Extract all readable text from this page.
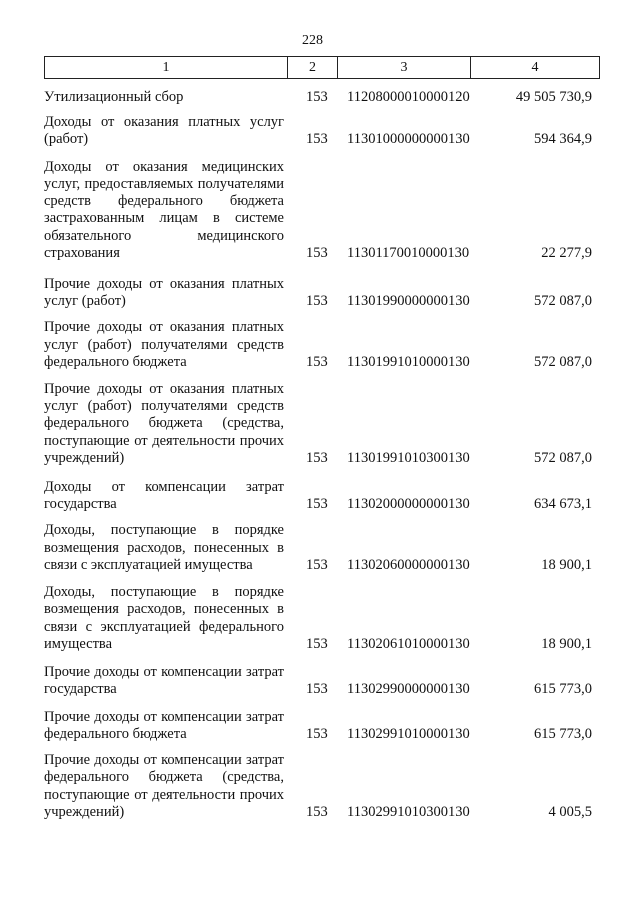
228
1	2	3	4
Утилизационный сбор	153 11208000010000120	49 505 730,9
Доходы от оказания платных услуг (работ)	153 11301000000000130	594 364,9
Доходы от оказания медицинских услуг, предоставляемых получателями средств федерального бюджета застрахованным лицам в системе обязательного медицинского страхования	153 11301170010000130	22 277,9
Прочие доходы от оказания платных услуг (работ)	153 11301990000000130	572 087,0
Прочие доходы от оказания платных услуг (работ) получателями средств федерального бюджета	153 11301991010000130	572 087,0
Прочие доходы от оказания платных услуг (работ) получателями средств федерального бюджета (средства, поступающие от деятельности прочих учреждений)	153 11301991010300130	572 087,0
Доходы от компенсации затрат государства	153 11302000000000130	634 673,1
Доходы, поступающие в порядке возмещения расходов, понесенных в связи с эксплуатацией имущества	153 11302060000000130	18 900,1
Доходы, поступающие в порядке возмещения расходов, понесенных в связи с эксплуатацией федерального имущества	153 11302061010000130	18 900,1
Прочие доходы от компенсации затрат государства	153 11302990000000130	615 773,0
Прочие доходы от компенсации затрат федерального бюджета	153 11302991010000130	615 773,0
Прочие доходы от компенсации затрат федерального бюджета (средства, поступающие от деятельности прочих учреждений)	153 11302991010300130	4 005,5
